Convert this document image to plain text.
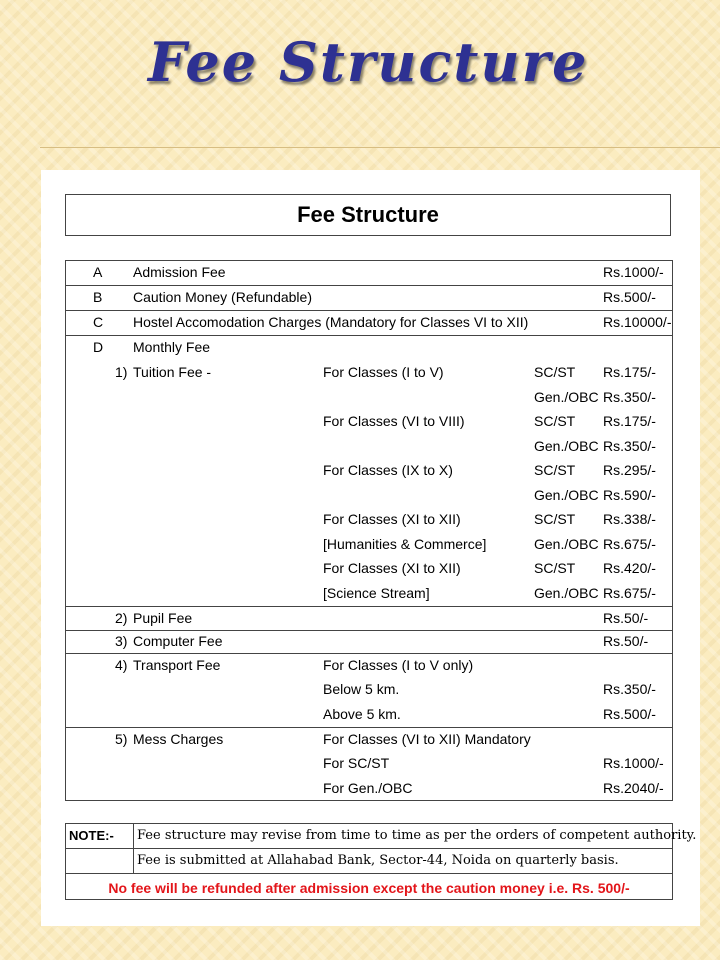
Fee Structure
Fee Structure
A Admission Fee	Rs.1000/-
B Caution Money (Refundable)	Rs.500/-
C Hostel Accomodation Charges (Mandatory for Classes VI to XII)	Rs.10000/-
D Monthly Fee
1) Tuition Fee -	For Classes (I to V)	SC/ST Rs.175/-
Gen./OBC Rs.350/-
For Classes (VI to VIII)	SC/ST Rs.175/-
Gen./OBC Rs.350/-
For Classes (IX to X)	SC/ST Rs.295/-
Gen./OBC Rs.590/-
For Classes (XI to XII)	SC/ST Rs.338/-
[Humanities & Commerce]	Gen./OBC Rs.675/-
For Classes (XI to XII)	SC/ST Rs.420/-
[Science Stream]	Gen./OBC Rs.675/-
2) Pupil Fee	Rs.50/-
3) Computer Fee	Rs.50/-
4) Transport Fee	For Classes (I to V only)
Below 5 km.	Rs.350/-
Above 5 km.	Rs.500/-
5) Mess Charges	For Classes (VI to XII) Mandatory
For SC/ST	Rs.1000/-
For Gen./OBC	Rs.2040/-
NOTE:- Fee structure may revise from time to time as per the orders of competent authority.
Fee is submitted at Allahabad Bank, Sector-44, Noida on quarterly basis.
No fee will be refunded after admission except the caution money i.e. Rs. 500/-
